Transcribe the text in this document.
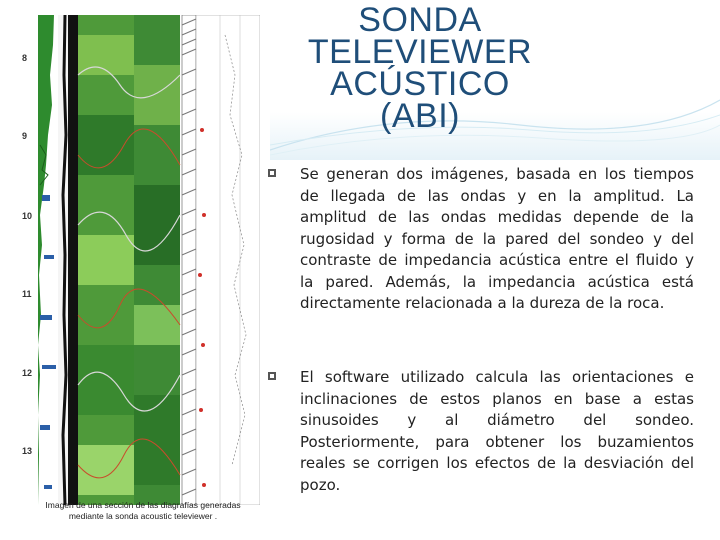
SONDA
TELEVIEWER
ACÚSTICO
(ABI)
8
9
10
11
12
13
Imagen de una sección de las diagrafías generadas
mediante la sonda acoustic televiewer .

Se generan dos imágenes, basada en los tiempos de llegada de las ondas y en la amplitud. La amplitud de las ondas medidas depende de la rugosidad y forma de la pared del sondeo y del contraste de impedancia acústica entre el fluido y la pared. Además, la impedancia acústica está directamente relacionada a la dureza de la roca.

El software utilizado calcula las orientaciones e inclinaciones de estos planos en base a estas sinusoides y al diámetro del sondeo. Posteriormente, para obtener los buzamientos reales se corrigen los efectos de la desviación del pozo.
